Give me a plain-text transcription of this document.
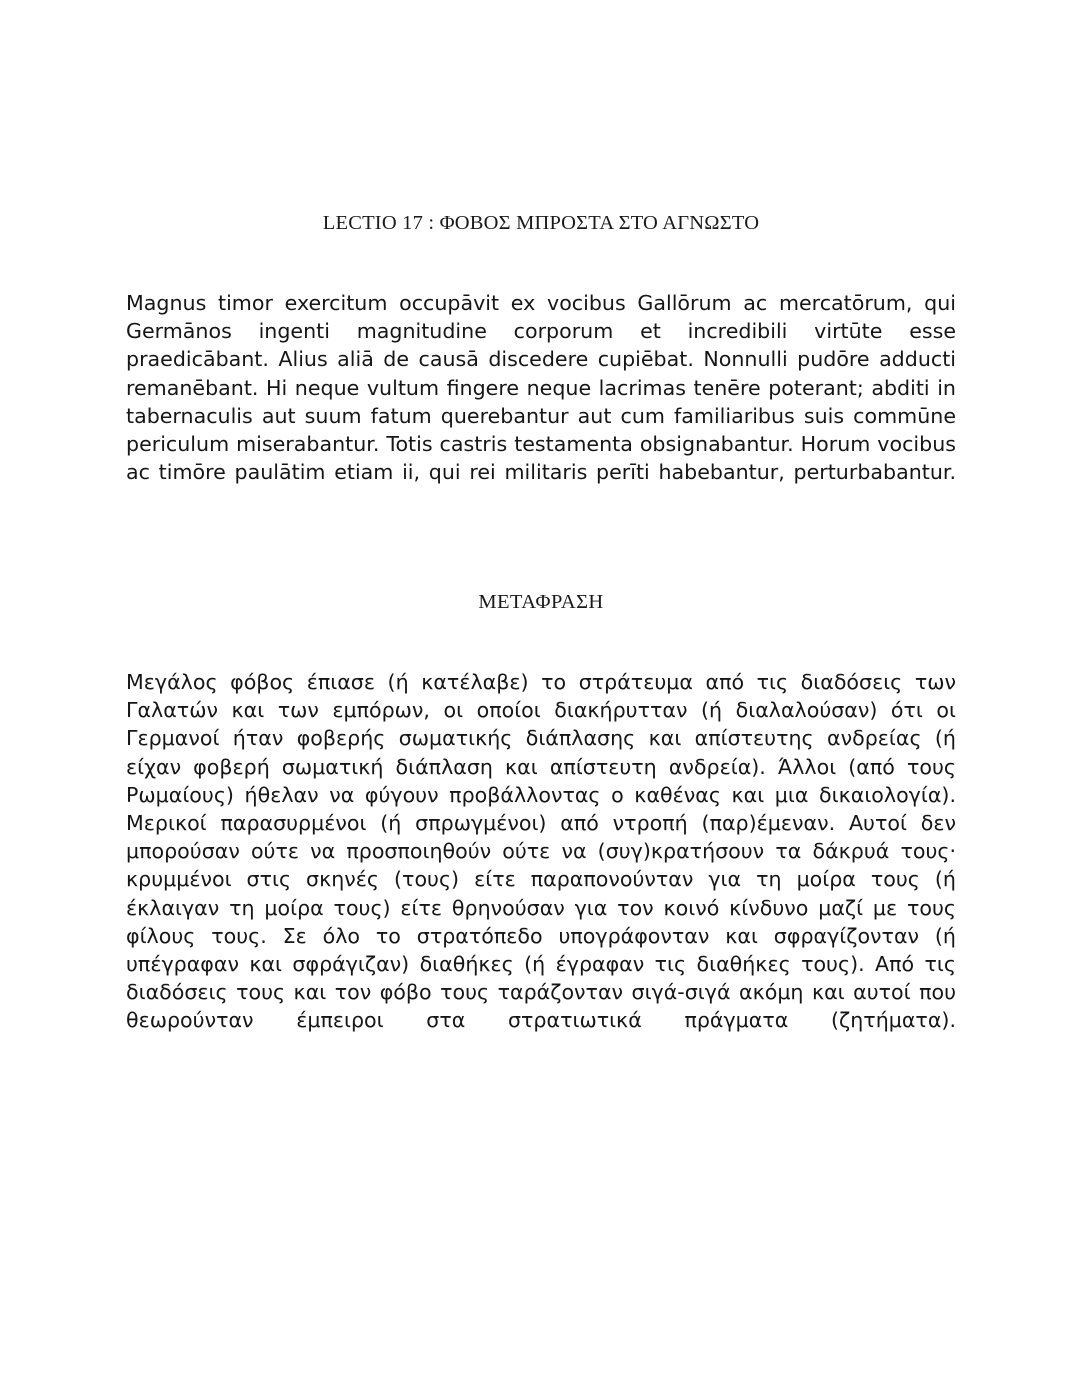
LECTIO 17 : ΦΟΒΟΣ ΜΠΡΟΣΤΑ ΣΤΟ ΑΓΝΩΣΤΟ

Magnus timor exercitum occupāvit ex vocibus Gallōrum ac mercatōrum, qui Germānos ingenti magnitudine corporum et incredibili virtūte esse praedicābant. Alius aliā de causā discedere cupiēbat. Nonnulli pudōre adducti remanēbant. Hi neque vultum fingere neque lacrimas tenēre poterant; abditi in tabernaculis aut suum fatum querebantur aut cum familiaribus suis commūne periculum miserabantur. Totis castris testamenta obsignabantur. Horum vocibus ac timōre paulātim etiam ii, qui rei militaris perīti habebantur, perturbabantur.

ΜΕΤΑΦΡΑΣΗ

Μεγάλος φόβος έπιασε (ή κατέλαβε) το στράτευμα από τις διαδόσεις των Γαλατών και των εμπόρων, οι οποίοι διακήρυτταν (ή διαλαλούσαν) ότι οι Γερμανοί ήταν φοβερής σωματικής διάπλασης και απίστευτης ανδρείας (ή είχαν φοβερή σωματική διάπλαση και απίστευτη ανδρεία). Άλλοι (από τους Ρωμαίους) ήθελαν να φύγουν προβάλλοντας ο καθένας και μια δικαιολογία). Μερικοί παρασυρμένοι (ή σπρωγμένοι) από ντροπή (παρ)έμεναν. Αυτοί δεν μπορούσαν ούτε να προσποιηθούν ούτε να (συγ)κρατήσουν τα δάκρυά τους· κρυμμένοι στις σκηνές (τους) είτε παραπονούνταν για τη μοίρα τους (ή έκλαιγαν τη μοίρα τους) είτε θρηνούσαν για τον κοινό κίνδυνο μαζί με τους φίλους τους. Σε όλο το στρατόπεδο υπογράφονταν και σφραγίζονταν (ή υπέγραφαν και σφράγιζαν) διαθήκες (ή έγραφαν τις διαθήκες τους). Από τις διαδόσεις τους και τον φόβο τους ταράζονταν σιγά-σιγά ακόμη και αυτοί που θεωρούνταν έμπειροι στα στρατιωτικά πράγματα (ζητήματα).
